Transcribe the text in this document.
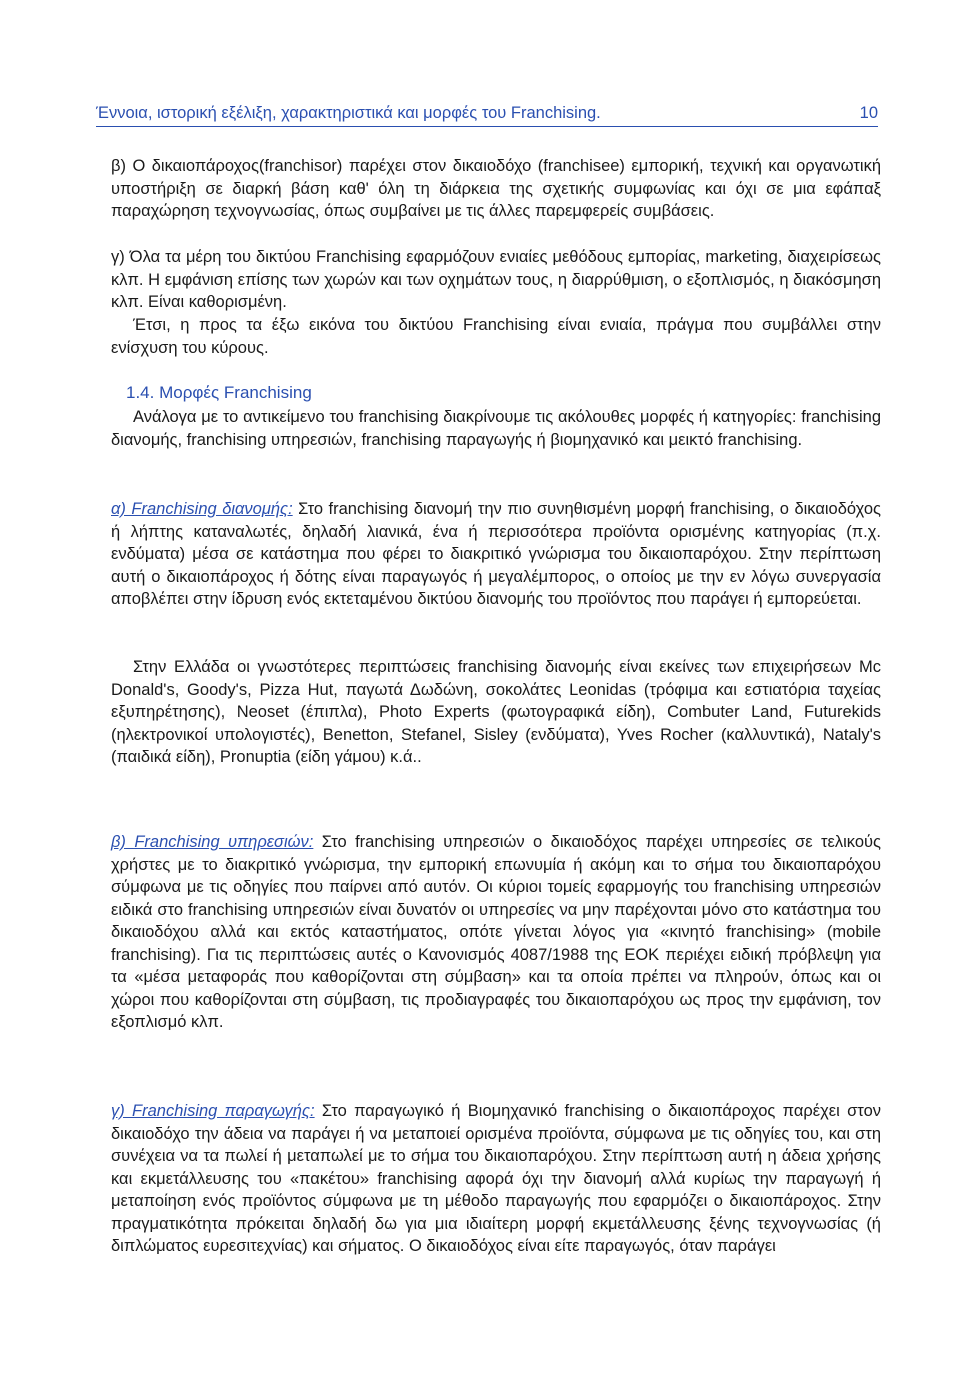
Έννοια, ιστορική εξέλιξη, χαρακτηριστικά και μορφές του Franchising.	10

β) Ο δικαιοπάροχος(franchisor) παρέχει στον δικαιοδόχο (franchisee) εμπορική, τεχνική και οργανωτική υποστήριξη σε διαρκή βάση καθ' όλη τη διάρκεια της σχετικής συμφωνίας και όχι σε μια εφάπαξ παραχώρηση τεχνογνωσίας, όπως συμβαίνει με τις άλλες παρεμφερείς συμβάσεις.

γ) Όλα τα μέρη του δικτύου Franchising εφαρμόζουν ενιαίες μεθόδους εμπορίας, marketing, διαχειρίσεως κλπ. Η εμφάνιση επίσης των χωρών και των οχημάτων τους, η διαρρύθμιση, ο εξοπλισμός, η διακόσμηση κλπ. Είναι καθορισμένη.

Έτσι, η προς τα έξω εικόνα του δικτύου Franchising είναι ενιαία, πράγμα που συμβάλλει στην ενίσχυση του κύρους.

1.4. Μορφές Franchising

Ανάλογα με το αντικείμενο του franchising διακρίνουμε τις ακόλουθες μορφές ή κατηγορίες: franchising διανομής, franchising υπηρεσιών, franchising παραγωγής ή βιομηχανικό και μεικτό franchising.

α) Franchising διανομής: Στο franchising διανομή την πιο συνηθισμένη μορφή franchising, ο δικαιοδόχος ή λήπτης καταναλωτές, δηλαδή λιανικά, ένα ή περισσότερα προϊόντα ορισμένης κατηγορίας (π.χ. ενδύματα) μέσα σε κατάστημα που φέρει το διακριτικό γνώρισμα του δικαιοπαρόχου. Στην περίπτωση αυτή ο δικαιοπάροχος ή δότης είναι παραγωγός ή μεγαλέμπορος, ο οποίος με την εν λόγω συνεργασία αποβλέπει στην ίδρυση ενός εκτεταμένου δικτύου διανομής του προϊόντος που παράγει ή εμπορεύεται.

Στην Ελλάδα οι γνωστότερες περιπτώσεις franchising διανομής είναι εκείνες των επιχειρήσεων Mc Donald's, Goody's, Pizza Hut, παγωτά Δωδώνη, σοκολάτες Leonidas (τρόφιμα και εστιατόρια ταχείας εξυπηρέτησης), Neoset (έπιπλα), Photo Experts (φωτογραφικά είδη), Combuter Land, Futurekids (ηλεκτρονικοί υπολογιστές), Benetton, Stefanel, Sisley (ενδύματα), Yves Rocher (καλλυντικά), Nataly's (παιδικά είδη), Pronuptia (είδη γάμου) κ.ά..

β) Franchising υπηρεσιών: Στο franchising υπηρεσιών ο δικαιοδόχος παρέχει υπηρεσίες σε τελικούς χρήστες με το διακριτικό γνώρισμα, την εμπορική επωνυμία ή ακόμη και το σήμα του δικαιοπαρόχου σύμφωνα με τις οδηγίες που παίρνει από αυτόν. Οι κύριοι τομείς εφαρμογής του franchising υπηρεσιών ειδικά στο franchising υπηρεσιών είναι δυνατόν οι υπηρεσίες να μην παρέχονται μόνο στο κατάστημα του δικαιοδόχου αλλά και εκτός καταστήματος, οπότε γίνεται λόγος για «κινητό franchising» (mobile franchising). Για τις περιπτώσεις αυτές ο Κανονισμός 4087/1988 της ΕΟΚ περιέχει ειδική πρόβλεψη για τα «μέσα μεταφοράς που καθορίζονται στη σύμβαση» και τα οποία πρέπει να πληρούν, όπως και οι χώροι που καθορίζονται στη σύμβαση, τις προδιαγραφές του δικαιοπαρόχου ως προς την εμφάνιση, τον εξοπλισμό κλπ.

γ) Franchising παραγωγής: Στο παραγωγικό ή Βιομηχανικό franchising ο δικαιοπάροχος παρέχει στον δικαιοδόχο την άδεια να παράγει ή να μεταποιεί ορισμένα προϊόντα, σύμφωνα με τις οδηγίες του, και στη συνέχεια να τα πωλεί ή μεταπωλεί με το σήμα του δικαιοπαρόχου. Στην περίπτωση αυτή η άδεια χρήσης και εκμετάλλευσης του «πακέτου» franchising αφορά όχι την διανομή αλλά κυρίως την παραγωγή ή μεταποίηση ενός προϊόντος σύμφωνα με τη μέθοδο παραγωγής που εφαρμόζει ο δικαιοπάροχος. Στην πραγματικότητα πρόκειται δηλαδή δω για μια ιδιαίτερη μορφή εκμετάλλευσης ξένης τεχνογνωσίας (ή διπλώματος ευρεσιτεχνίας) και σήματος. Ο δικαιοδόχος είναι είτε παραγωγός, όταν παράγει
